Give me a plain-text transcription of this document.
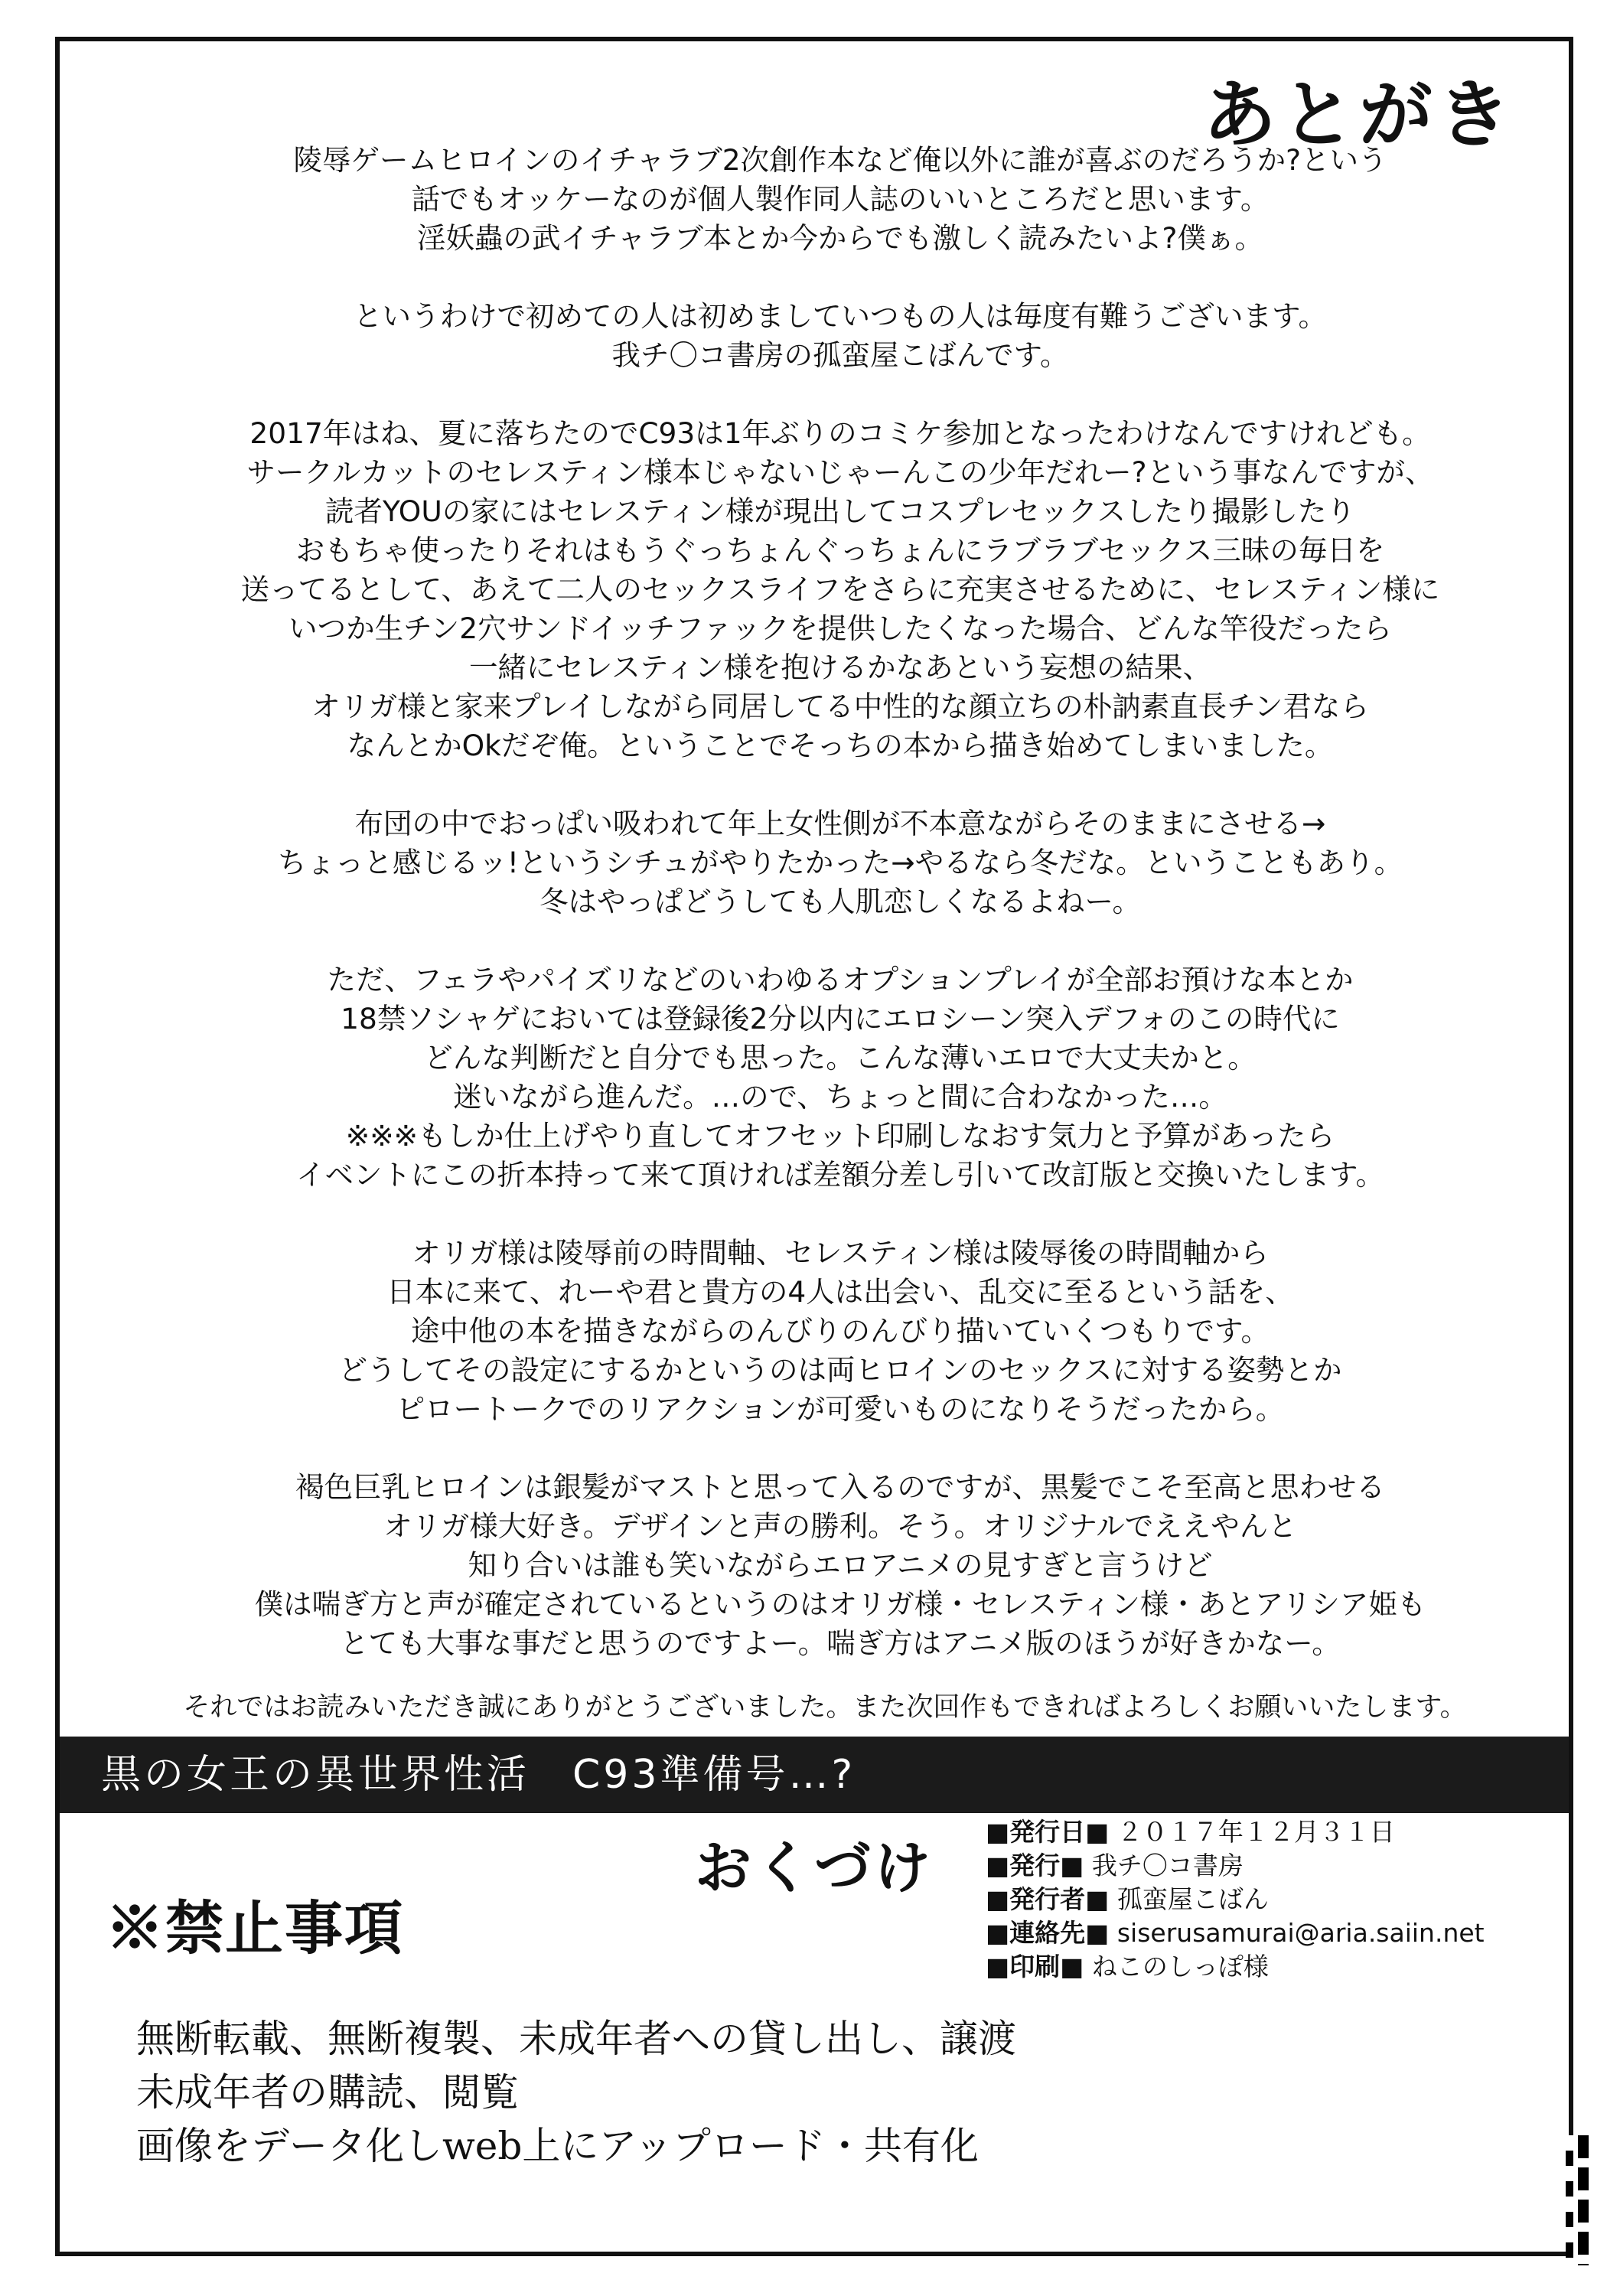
あとがき

陵辱ゲームヒロインのイチャラブ2次創作本など俺以外に誰が喜ぶのだろうか?という
話でもオッケーなのが個人製作同人誌のいいところだと思います。
淫妖蟲の武イチャラブ本とか今からでも激しく読みたいよ?僕ぁ。

というわけで初めての人は初めましていつもの人は毎度有難うございます。
我チ〇コ書房の孤蛮屋こばんです。

2017年はね、夏に落ちたのでC93は1年ぶりのコミケ参加となったわけなんですけれども。
サークルカットのセレスティン様本じゃないじゃーんこの少年だれー?という事なんですが、
読者YOUの家にはセレスティン様が現出してコスプレセックスしたり撮影したり
おもちゃ使ったりそれはもうぐっちょんぐっちょんにラブラブセックス三昧の毎日を
送ってるとして、あえて二人のセックスライフをさらに充実させるために、セレスティン様に
いつか生チン2穴サンドイッチファックを提供したくなった場合、どんな竿役だったら
一緒にセレスティン様を抱けるかなあという妄想の結果、
オリガ様と家来プレイしながら同居してる中性的な顔立ちの朴訥素直長チン君なら
なんとかOkだぞ俺。ということでそっちの本から描き始めてしまいました。

布団の中でおっぱい吸われて年上女性側が不本意ながらそのままにさせる→
ちょっと感じるッ!というシチュがやりたかった→やるなら冬だな。ということもあり。
冬はやっぱどうしても人肌恋しくなるよねー。

ただ、フェラやパイズリなどのいわゆるオプションプレイが全部お預けな本とか
18禁ソシャゲにおいては登録後2分以内にエロシーン突入デフォのこの時代に
どんな判断だと自分でも思った。こんな薄いエロで大丈夫かと。
迷いながら進んだ。…ので、ちょっと間に合わなかった…。
※※※もしか仕上げやり直してオフセット印刷しなおす気力と予算があったら
イベントにこの折本持って来て頂ければ差額分差し引いて改訂版と交換いたします。

オリガ様は陵辱前の時間軸、セレスティン様は陵辱後の時間軸から
日本に来て、れーや君と貴方の4人は出会い、乱交に至るという話を、
途中他の本を描きながらのんびりのんびり描いていくつもりです。
どうしてその設定にするかというのは両ヒロインのセックスに対する姿勢とか
ピロートークでのリアクションが可愛いものになりそうだったから。

褐色巨乳ヒロインは銀髪がマストと思って入るのですが、黒髪でこそ至高と思わせる
オリガ様大好き。デザインと声の勝利。そう。オリジナルでええやんと
知り合いは誰も笑いながらエロアニメの見すぎと言うけど
僕は喘ぎ方と声が確定されているというのはオリガ様・セレスティン様・あとアリシア姫も
とても大事な事だと思うのですよー。喘ぎ方はアニメ版のほうが好きかなー。

それではお読みいただき誠にありがとうございました。また次回作もできればよろしくお願いいたします。
黒の女王の異世界性活　C93準備号…?
おくづけ
■発行日■ ２０１７年１２月３１日
■発行■ 我チ〇コ書房
■発行者■ 孤蛮屋こばん
■連絡先■ siserusamurai@aria.saiin.net
■印刷■ ねこのしっぽ様
※禁止事項
無断転載、無断複製、未成年者への貸し出し、譲渡
未成年者の購読、閲覧
画像をデータ化しweb上にアップロード・共有化
